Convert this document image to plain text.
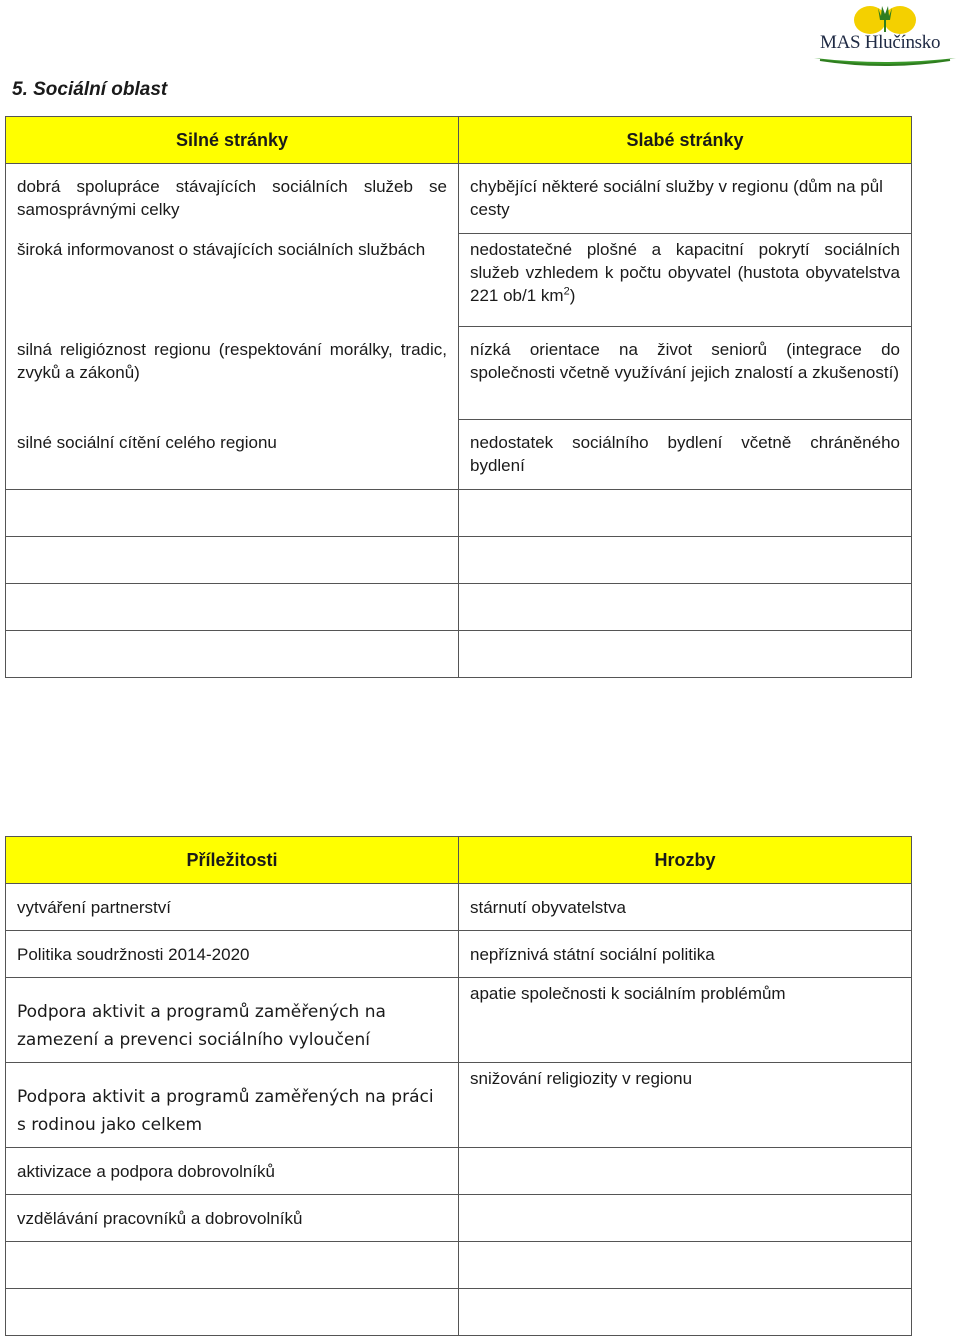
MAS Hlučínsko
5. Sociální oblast
Silné stránky	Slabé stránky

dobrá spolupráce stávajících sociálních služeb se samosprávnými celky	chybějící některé sociální služby v regionu (dům na půl cesty

široká informovanost o stávajících sociálních službách	nedostatečné plošné a kapacitní pokrytí sociálních služeb vzhledem k počtu obyvatel (hustota obyvatelstva 221 ob/1 $km^2$)

silná religióznost regionu (respektování morálky, tradic, zvyků a zákonů)	nízká orientace na život seniorů (integrace do společnosti včetně využívání jejich znalostí a zkušeností)

silné sociální cítění celého regionu	nedostatek sociálního bydlení včetně chráněného bydlení

Příležitosti	Hrozby

vytváření partnerství	stárnutí obyvatelstva

Politika soudržnosti 2014-2020	nepříznivá státní sociální politika

Podpora aktivit a programů zaměřených na zamezení a prevenci sociálního vyloučení	apatie společnosti k sociálním problémům

Podpora aktivit a programů zaměřených na práci s rodinou jako celkem	snižování religiozity v regionu

aktivizace a podpora dobrovolníků	

vzdělávání pracovníků a dobrovolníků	
